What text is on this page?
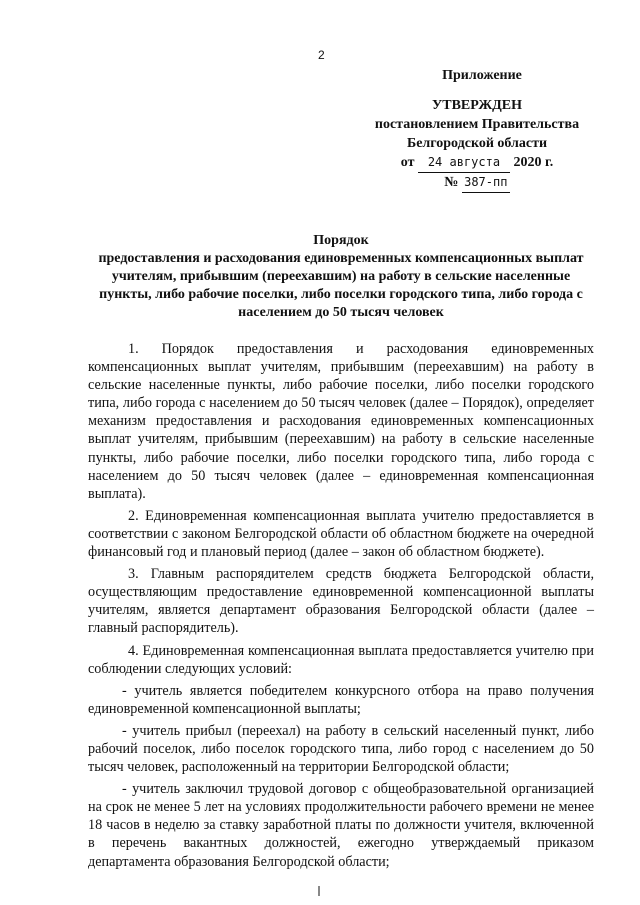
2
Приложение
УТВЕРЖДЕН
постановлением Правительства
Белгородской области
от 24 августа 2020 г.
№ 387-пп
Порядок
предоставления и расходования единовременных компенсационных выплат учителям, прибывшим (переехавшим) на работу в сельские населенные пункты, либо рабочие поселки, либо поселки городского типа, либо города с населением до 50 тысяч человек

1. Порядок предоставления и расходования единовременных компенсационных выплат учителям, прибывшим (переехавшим) на работу в сельские населенные пункты, либо рабочие поселки, либо поселки городского типа, либо города с населением до 50 тысяч человек (далее – Порядок), определяет механизм предоставления и расходования единовременных компенсационных выплат учителям, прибывшим (переехавшим) на работу в сельские населенные пункты, либо рабочие поселки, либо поселки городского типа, либо города с населением до 50 тысяч человек (далее – единовременная компенсационная выплата).

2. Единовременная компенсационная выплата учителю предоставляется в соответствии с законом Белгородской области об областном бюджете на очередной финансовый год и плановый период (далее – закон об областном бюджете).

3. Главным распорядителем средств бюджета Белгородской области, осуществляющим предоставление единовременной компенсационной выплаты учителям, является департамент образования Белгородской области (далее – главный распорядитель).

4. Единовременная компенсационная выплата предоставляется учителю при соблюдении следующих условий:

- учитель является победителем конкурсного отбора на право получения единовременной компенсационной выплаты;

- учитель прибыл (переехал) на работу в сельский населенный пункт, либо рабочий поселок, либо поселок городского типа, либо город с населением до 50 тысяч человек, расположенный на территории Белгородской области;

- учитель заключил трудовой договор с общеобразовательной организацией на срок не менее 5 лет на условиях продолжительности рабочего времени не менее 18 часов в неделю за ставку заработной платы по должности учителя, включенной в перечень вакантных должностей, ежегодно утверждаемый приказом департамента образования Белгородской области;
